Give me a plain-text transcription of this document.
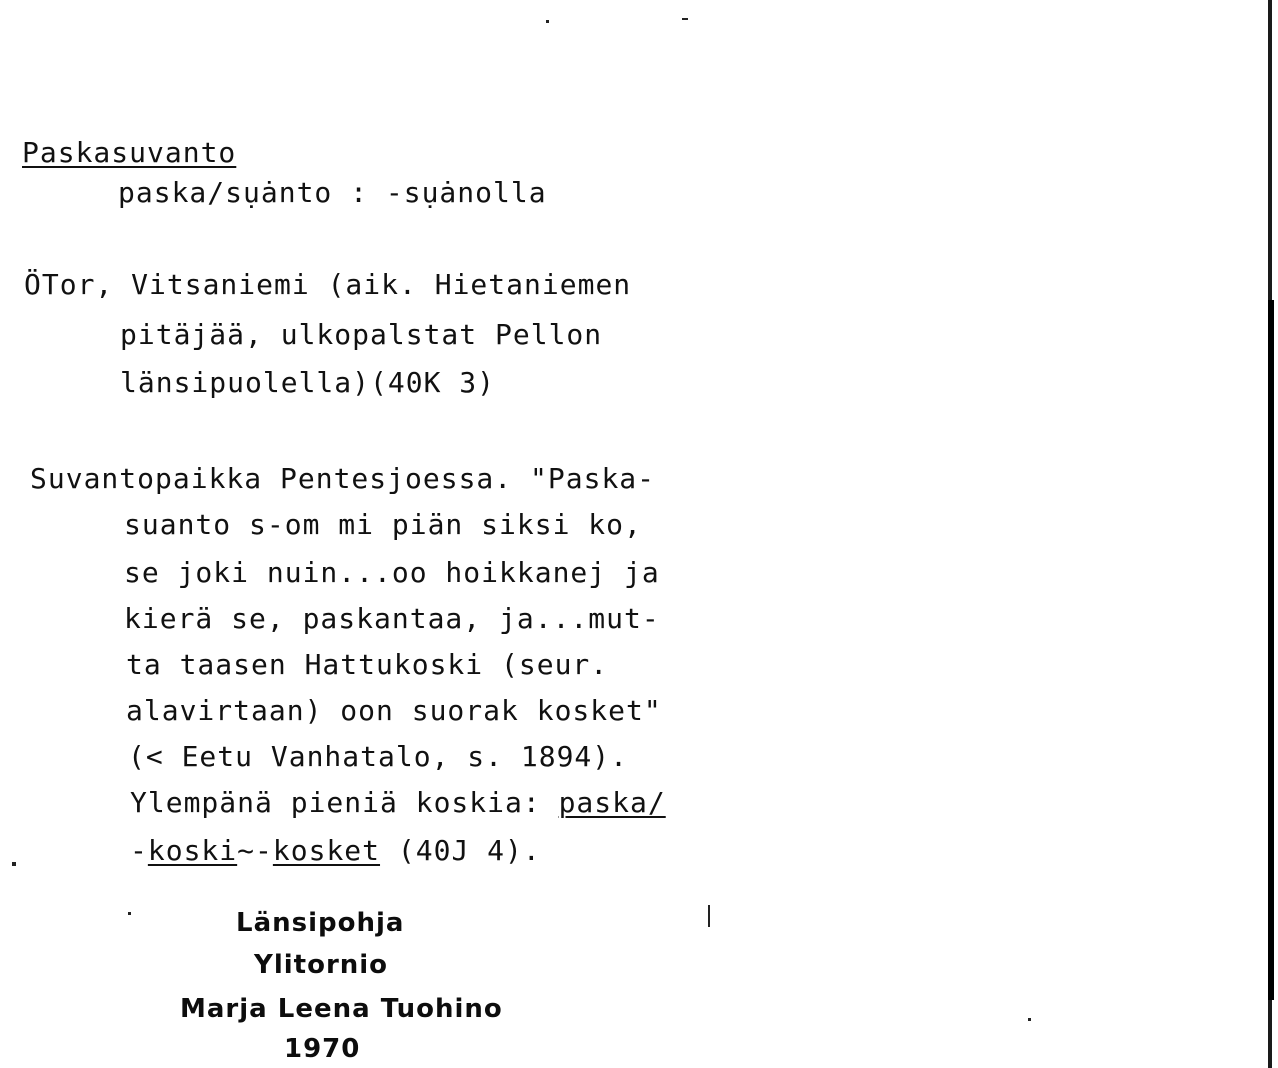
Paskasuvanto
paska/sụȧnto : -sụȧnolla
ÖTor, Vitsaniemi (aik. Hietaniemen
pitäjää, ulkopalstat Pellon
länsipuolella)(40K 3)
Suvantopaikka Pentesjoessa. "Paska-
suanto s-om mi piän siksi ko,
se joki nuin...oo hoikkanej ja
kierä se, paskantaa, ja...mut-
ta taasen Hattukoski (seur.
alavirtaan) oon suorak kosket"
(< Eetu Vanhatalo, s. 1894).
Ylempänä pieniä koskia: paska/
-koski~-kosket (40J 4).
Länsipohja
Ylitornio
Marja Leena Tuohino
1970
